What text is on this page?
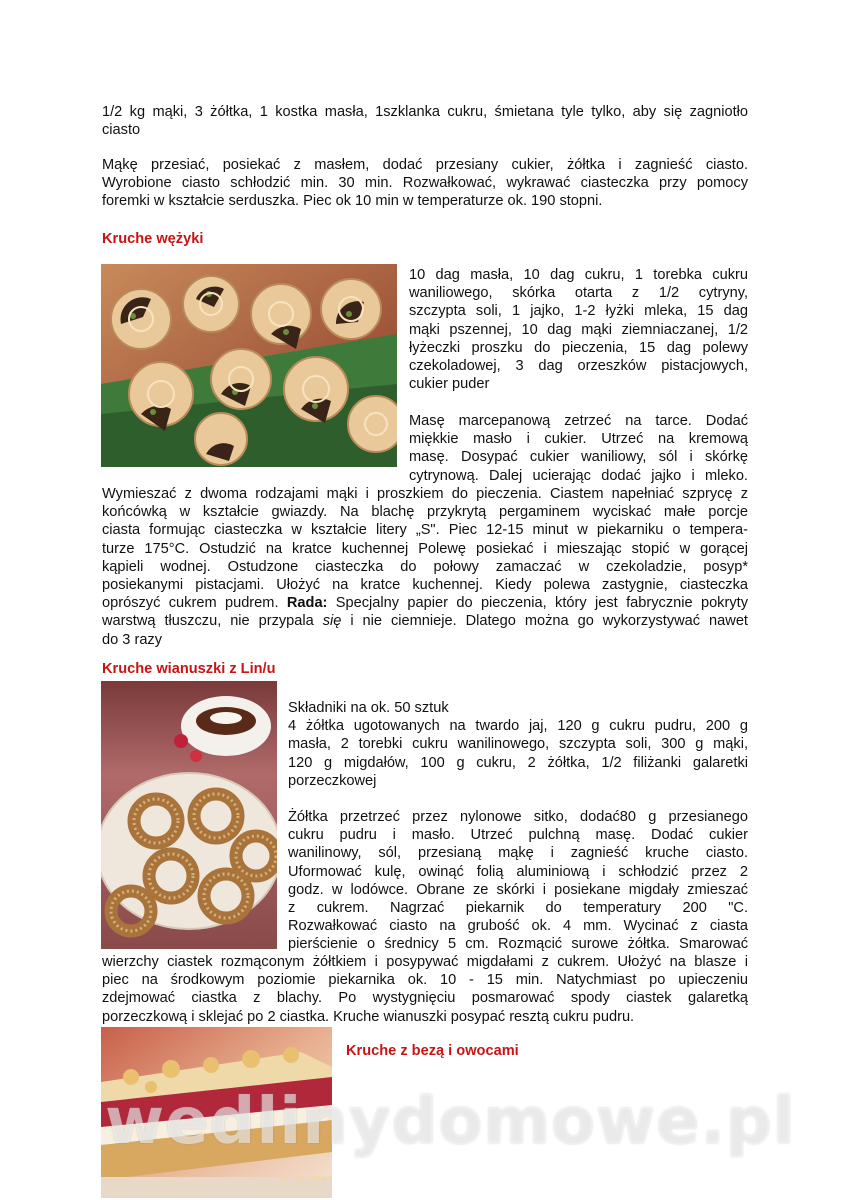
1/2 kg mąki, 3 żółtka, 1 kostka masła, 1szklanka cukru, śmietana tyle tylko, aby się zagniotło
ciasto
Mąkę przesiać, posiekać z masłem, dodać przesiany cukier, żółtka i zagnieść ciasto.
Wyrobione ciasto schłodzić min. 30 min. Rozwałkować, wykrawać ciasteczka przy pomocy
foremki w kształcie serduszka. Piec ok 10 min w temperaturze ok. 190 stopni.
Kruche wężyki
10 dag masła, 10 dag cukru, 1 torebka cukru
waniliowego, skórka otarta z 1/2 cytryny,
szczypta soli, 1 jajko, 1-2 łyżki mleka, 15 dag
mąki pszennej, 10 dag mąki ziemniaczanej, 1/2
łyżeczki proszku do pieczenia, 15 dag polewy
czekoladowej, 3 dag orzeszków pistacjowych,
cukier puder
Masę marcepanową zetrzeć na tarce. Dodać
miękkie masło i cukier. Utrzeć na kremową
masę. Dosypać cukier waniliowy, sól i skórkę
cytrynową. Dalej ucierając dodać jajko i mleko.
Wymieszać z dwoma rodzajami mąki i proszkiem do pieczenia. Ciastem napełniać szprycę z
końcówką w kształcie gwiazdy. Na blachę przykrytą pergaminem wyciskać małe porcje
ciasta formując ciasteczka w kształcie litery „S". Piec 12-15 minut w piekarniku o tempera-
turze 175°C. Ostudzić na kratce kuchennej Polewę posiekać i mieszając stopić w gorącej
kąpieli wodnej. Ostudzone ciasteczka do połowy zamaczać w czekoladzie, posyp*
posiekanymi pistacjami. Ułożyć na kratce kuchennej. Kiedy polewa zastygnie, ciasteczka
oprószyć cukrem pudrem. Rada: Specjalny papier do pieczenia, który jest fabrycznie pokryty
warstwą tłuszczu, nie przypala się i nie ciemnieje. Dlatego można go wykorzystywać nawet
do 3 razy
Kruche wianuszki z Lin/u
Składniki na ok. 50 sztuk
4 żółtka ugotowanych na twardo jaj, 120 g cukru pudru, 200 g
masła, 2 torebki cukru wanilinowego, szczypta soli, 300 g mąki,
120 g migdałów, 100 g cukru, 2 żółtka, 1/2 filiżanki galaretki
porzeczkowej
Żółtka przetrzeć przez nylonowe sitko, dodać80 g przesianego
cukru pudru i masło. Utrzeć pulchną masę. Dodać cukier
wanilinowy, sól, przesianą mąkę i zagnieść kruche ciasto.
Uformować kulę, owinąć folią aluminiową i schłodzić przez 2
godz. w lodówce. Obrane ze skórki i posiekane migdały zmieszać
z cukrem. Nagrzać piekarnik do temperatury 200 "C.
Rozwałkować ciasto na grubość ok. 4 mm. Wycinać z ciasta
pierścienie o średnicy 5 cm. Rozmącić surowe żółtka. Smarować
wierzchy ciastek rozmąconym żółtkiem i posypywać migdałami z cukrem. Ułożyć na blasze i
piec na środkowym poziomie piekarnika ok. 10 - 15 min. Natychmiast po upieczeniu
zdejmować ciastka z blachy. Po wystygnięciu posmarować spody ciastek galaretką
porzeczkową i sklejać po 2 ciastka. Kruche wianuszki posypać resztą cukru pudru.
Kruche z bezą i owocami
wedlinydomowe.pl
19.09.2007
